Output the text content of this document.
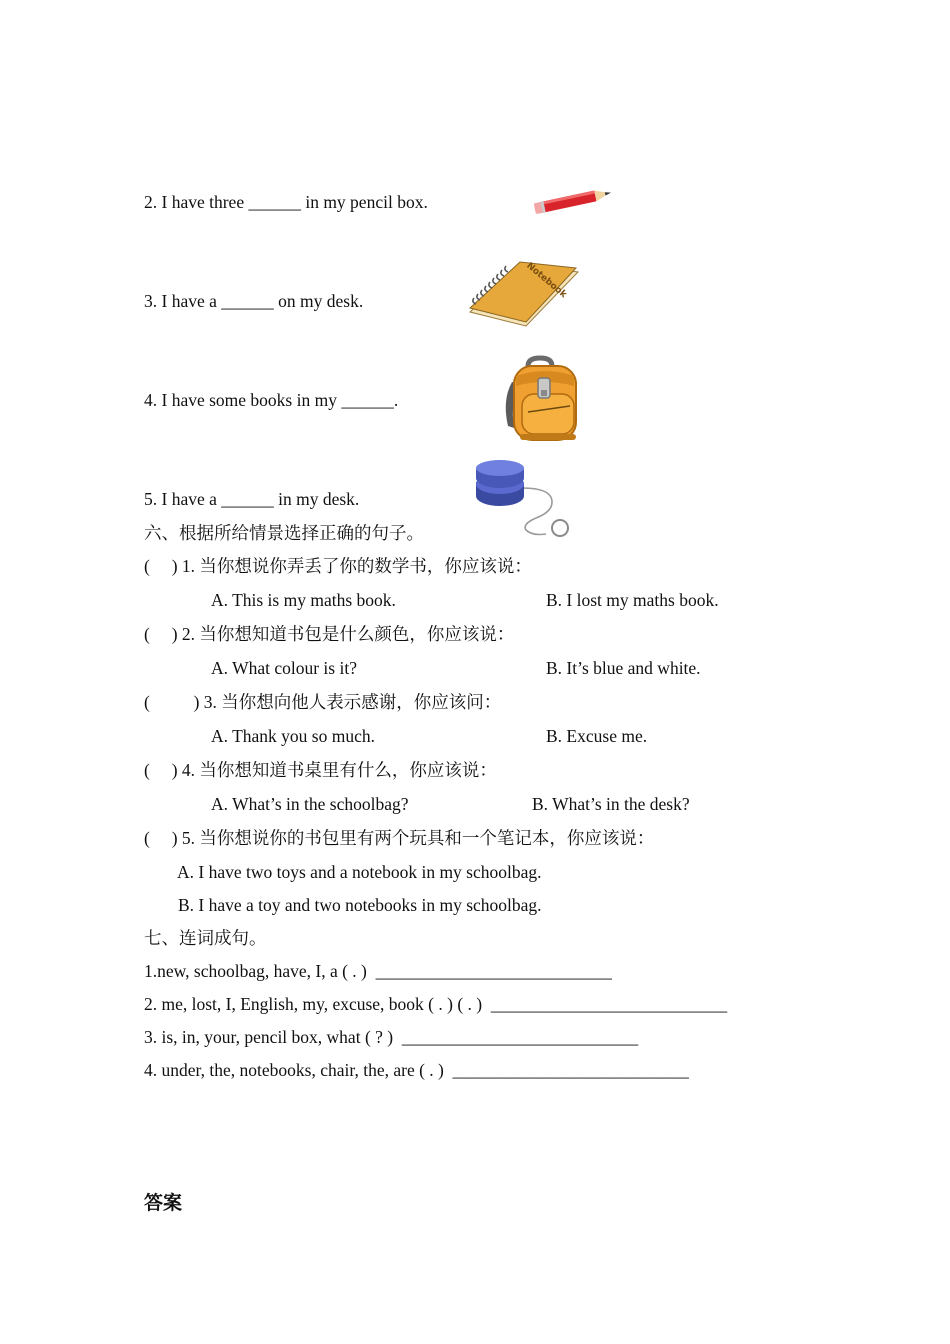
2. I have three ______ in my pencil box.
3. I have a ______ on my desk.
Notebook
4. I have some books in my ______.
5. I have a ______ in my desk.
六、根据所给情景选择正确的句子。
(     ) 1. 当你想说你弄丢了你的数学书，你应该说：
A. This is my maths book.	B. I lost my maths book.
(     ) 2. 当你想知道书包是什么颜色，你应该说：
A. What colour is it?	B. It’s blue and white.
(          ) 3. 当你想向他人表示感谢，你应该问：
A. Thank you so much.	B. Excuse me.
(     ) 4. 当你想知道书桌里有什么，你应该说：
A. What’s in the schoolbag?	B. What’s in the desk?
(     ) 5. 当你想说你的书包里有两个玩具和一个笔记本，你应该说：
A. I have two toys and a notebook in my schoolbag.
B. I have a toy and two notebooks in my schoolbag.
七、连词成句。
1.new, schoolbag, have, I, a ( . )  ___________________________
2. me, lost, I, English, my, excuse, book ( . ) ( . )  ___________________________
3. is, in, your, pencil box, what ( ? )  ___________________________
4. under, the, notebooks, chair, the, are ( . )  ___________________________
答案
